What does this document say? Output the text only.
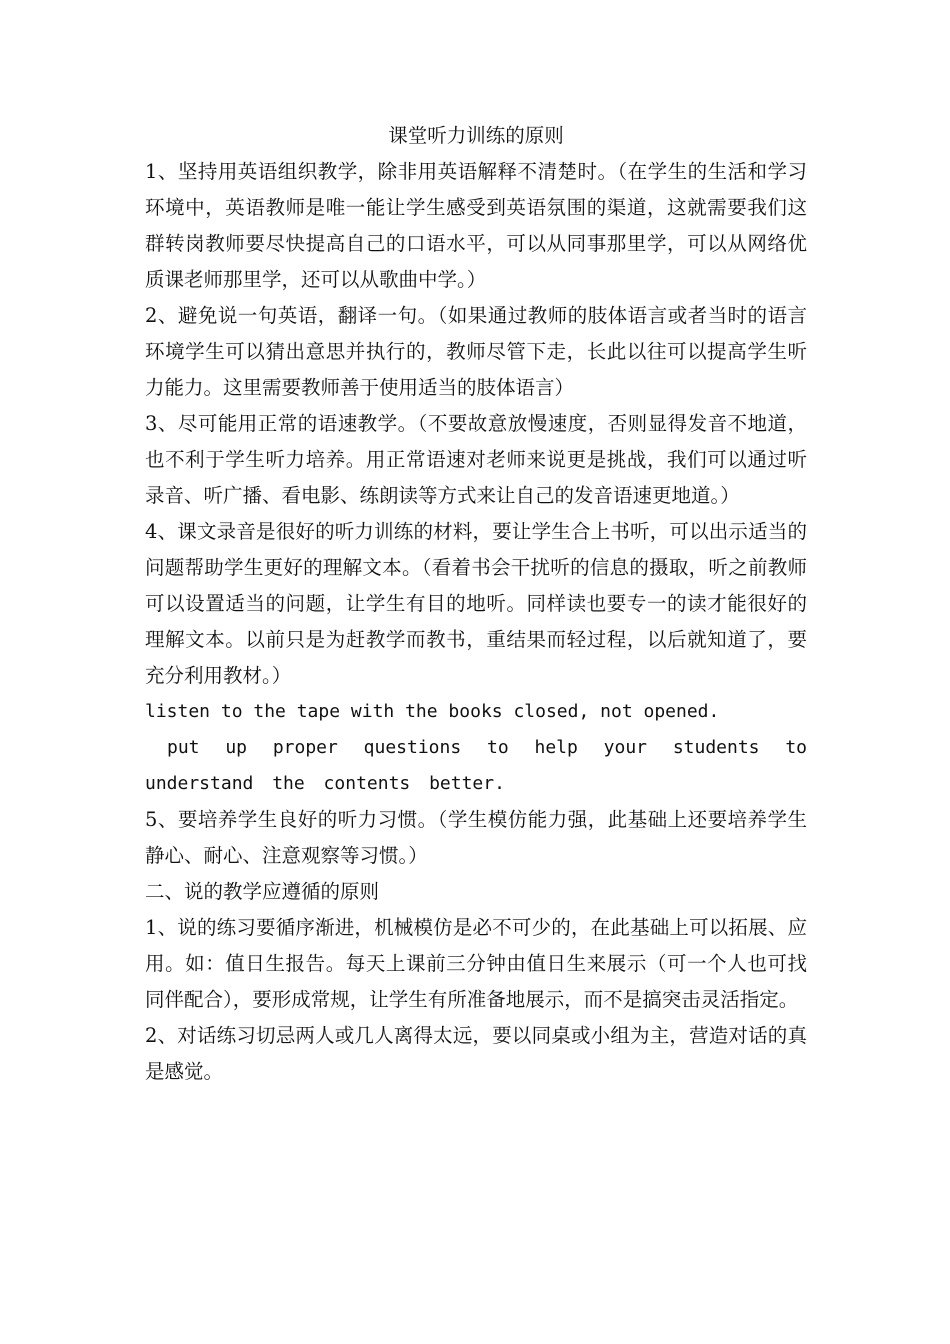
课堂听力训练的原则

1、坚持用英语组织教学，除非用英语解释不清楚时。（在学生的生活和学习环境中，英语教师是唯一能让学生感受到英语氛围的渠道，这就需要我们这群转岗教师要尽快提高自己的口语水平，可以从同事那里学，可以从网络优质课老师那里学，还可以从歌曲中学。）

2、避免说一句英语，翻译一句。（如果通过教师的肢体语言或者当时的语言环境学生可以猜出意思并执行的，教师尽管下走，长此以往可以提高学生听力能力。这里需要教师善于使用适当的肢体语言）

3、尽可能用正常的语速教学。（不要故意放慢速度，否则显得发音不地道，也不利于学生听力培养。用正常语速对老师来说更是挑战，我们可以通过听录音、听广播、看电影、练朗读等方式来让自己的发音语速更地道。）

4、课文录音是很好的听力训练的材料，要让学生合上书听，可以出示适当的问题帮助学生更好的理解文本。（看着书会干扰听的信息的摄取，听之前教师可以设置适当的问题，让学生有目的地听。同样读也要专一的读才能很好的理解文本。以前只是为赶教学而教书，重结果而轻过程，以后就知道了，要充分利用教材。）

listen to the tape with the books closed, not opened.

put up proper questions to help your students to understand the contents better.

5、要培养学生良好的听力习惯。（学生模仿能力强，此基础上还要培养学生静心、耐心、注意观察等习惯。）

二、说的教学应遵循的原则

1、说的练习要循序渐进，机械模仿是必不可少的，在此基础上可以拓展、应用。如：值日生报告。每天上课前三分钟由值日生来展示（可一个人也可找同伴配合），要形成常规，让学生有所准备地展示，而不是搞突击灵活指定。

2、对话练习切忌两人或几人离得太远，要以同桌或小组为主，营造对话的真是感觉。
